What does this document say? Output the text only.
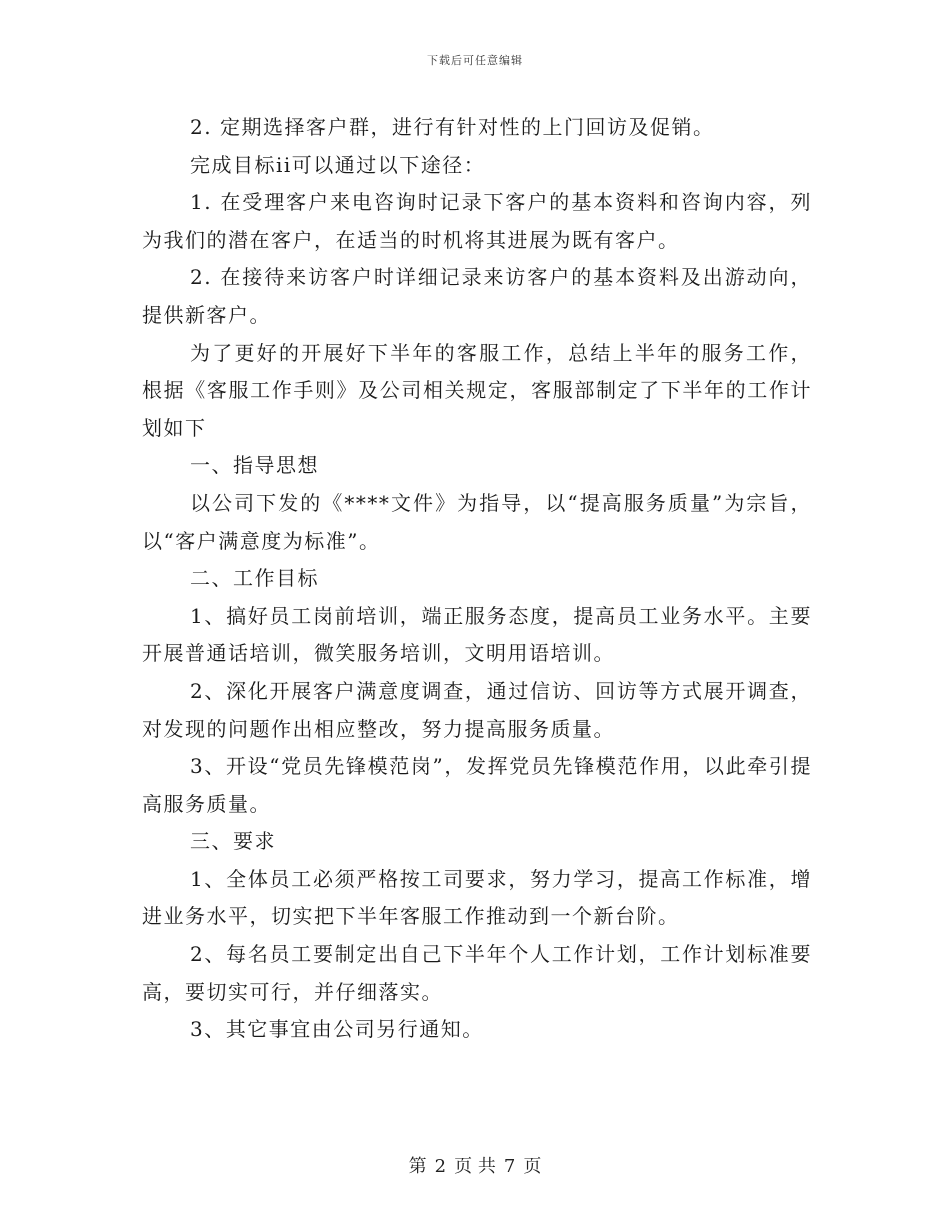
下载后可任意编辑

2. 定期选择客户群，进行有针对性的上门回访及促销。

完成目标ii可以通过以下途径：

1. 在受理客户来电咨询时记录下客户的基本资料和咨询内容，列为我们的潜在客户，在适当的时机将其进展为既有客户。

2. 在接待来访客户时详细记录来访客户的基本资料及出游动向，提供新客户。

为了更好的开展好下半年的客服工作，总结上半年的服务工作，根据《客服工作手则》及公司相关规定，客服部制定了下半年的工作计划如下

一、指导思想

以公司下发的《****文件》为指导，以“提高服务质量”为宗旨，以“客户满意度为标准”。

二、工作目标

1、搞好员工岗前培训，端正服务态度，提高员工业务水平。主要开展普通话培训，微笑服务培训，文明用语培训。

2、深化开展客户满意度调查，通过信访、回访等方式展开调查，对发现的问题作出相应整改，努力提高服务质量。

3、开设“党员先锋模范岗”，发挥党员先锋模范作用，以此牵引提高服务质量。

三、要求

1、全体员工必须严格按工司要求，努力学习，提高工作标准，增进业务水平，切实把下半年客服工作推动到一个新台阶。

2、每名员工要制定出自己下半年个人工作计划，工作计划标准要高，要切实可行，并仔细落实。

3、其它事宜由公司另行通知。

第 2 页 共 7 页
